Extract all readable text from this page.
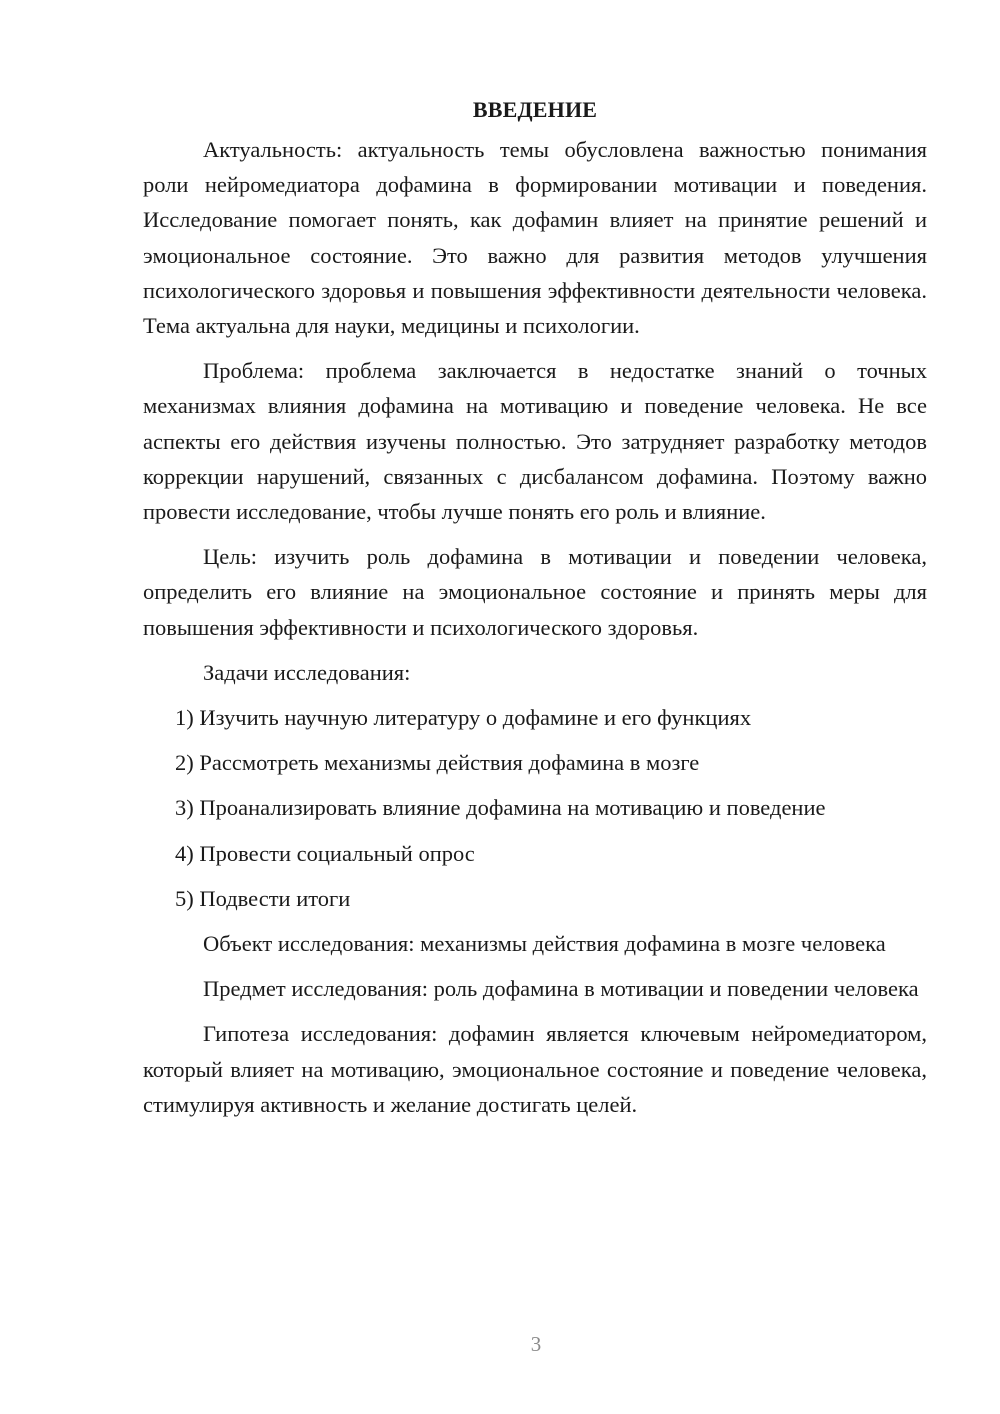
ВВЕДЕНИЕ

Актуальность: актуальность темы обусловлена важностью понимания роли нейромедиатора дофамина в формировании мотивации и поведения. Исследование помогает понять, как дофамин влияет на принятие решений и эмоциональное состояние. Это важно для развития методов улучшения психологического здоровья и повышения эффективности деятельности человека. Тема актуальна для науки, медицины и психологии.

Проблема: проблема заключается в недостатке знаний о точных механизмах влияния дофамина на мотивацию и поведение человека. Не все аспекты его действия изучены полностью. Это затрудняет разработку методов коррекции нарушений, связанных с дисбалансом дофамина. Поэтому важно провести исследование, чтобы лучше понять его роль и влияние.

Цель: изучить роль дофамина в мотивации и поведении человека, определить его влияние на эмоциональное состояние и принять меры для повышения эффективности и психологического здоровья.

Задачи исследования:
1) Изучить научную литературу о дофамине и его функциях
2) Рассмотреть механизмы действия дофамина в мозге
3) Проанализировать влияние дофамина на мотивацию и поведение
4) Провести социальный опрос
5) Подвести итоги

Объект исследования: механизмы действия дофамина в мозге человека

Предмет исследования: роль дофамина в мотивации и поведении человека

Гипотеза исследования: дофамин является ключевым нейромедиатором, который влияет на мотивацию, эмоциональное состояние и поведение человека, стимулируя активность и желание достигать целей.

3
